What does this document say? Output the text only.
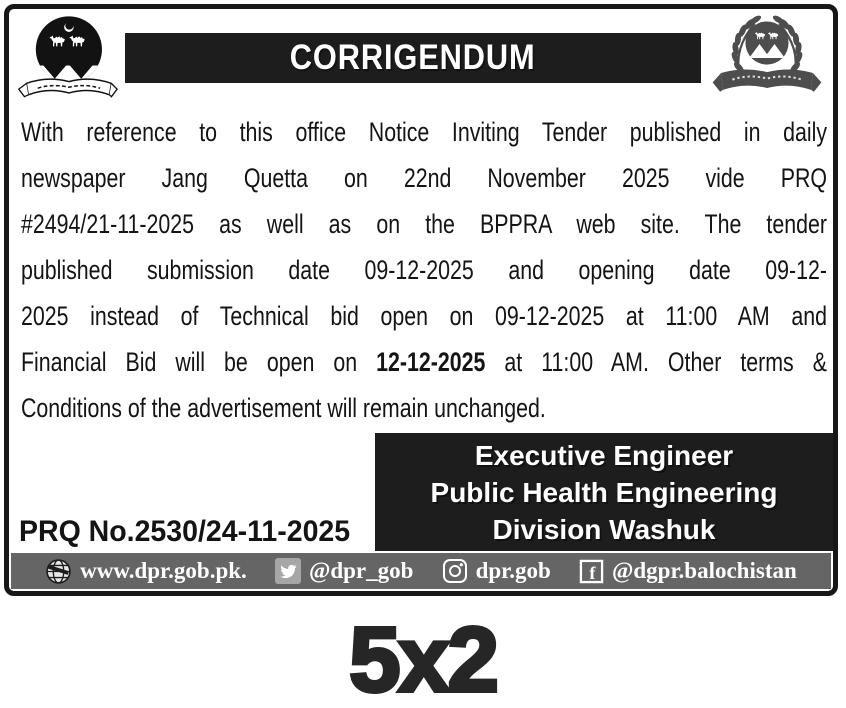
CORRIGENDUM
With reference to this office Notice Inviting Tender published in daily
newspaper Jang Quetta on 22nd November 2025 vide PRQ
#2494/21-11-2025 as well as on the BPPRA web site. The tender
published submission date 09-12-2025 and opening date 09-12-
2025 instead of Technical bid open on 09-12-2025 at 11:00 AM and
Financial Bid will be open on 12-12-2025 at 11:00 AM. Other terms &
Conditions of the advertisement will remain unchanged.
Executive Engineer
Public Health Engineering
Division Washuk
PRQ No.2530/24-11-2025
www.dpr.gob.pk.	@dpr_gob	dpr.gob f @dgpr.balochistan
5x2
